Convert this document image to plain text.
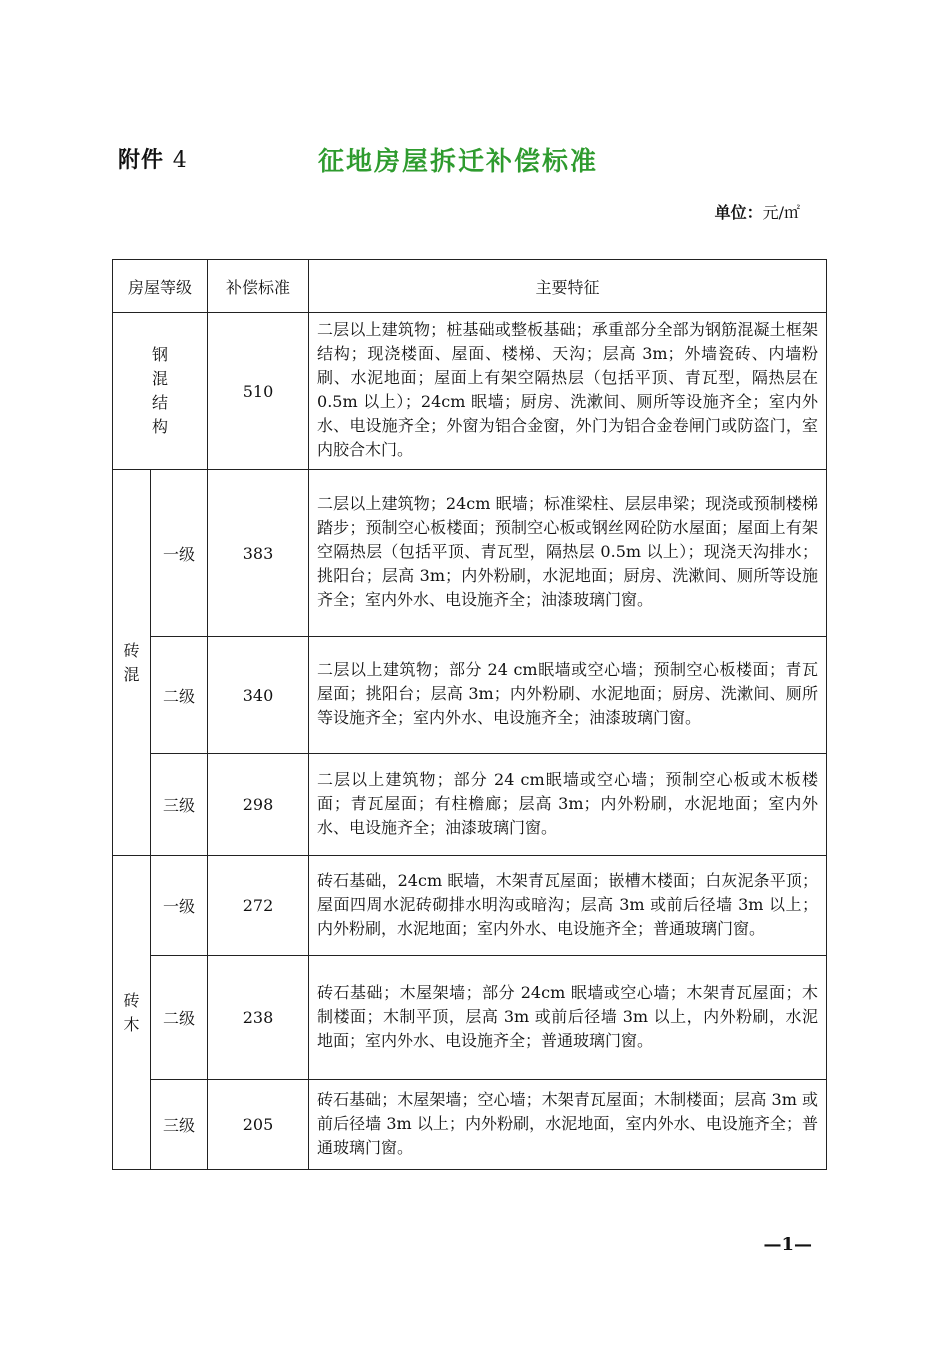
附件 4	征地房屋拆迁补偿标准
单位：元/㎡
房屋等级		补偿标准	主要特征
钢混结构		510	二层以上建筑物；桩基础或整板基础；承重部分全部为钢筋混凝土框架结构；现浇楼面、屋面、楼梯、天沟；层高 3m；外墙瓷砖、内墙粉刷、水泥地面；屋面上有架空隔热层（包括平顶、青瓦型，隔热层在 0.5m 以上）；24cm 眠墙；厨房、洗漱间、厕所等设施齐全；室内外水、电设施齐全；外窗为铝合金窗，外门为铝合金卷闸门或防盗门，室内胶合木门。
砖混	一级	383	二层以上建筑物；24cm 眠墙；标准梁柱、层层串梁；现浇或预制楼梯踏步；预制空心板楼面；预制空心板或钢丝网砼防水屋面；屋面上有架空隔热层（包括平顶、青瓦型，隔热层 0.5m 以上）；现浇天沟排水；挑阳台；层高 3m；内外粉刷，水泥地面；厨房、洗漱间、厕所等设施齐全；室内外水、电设施齐全；油漆玻璃门窗。
	二级	340	二层以上建筑物；部分 24 cm眠墙或空心墙；预制空心板楼面；青瓦屋面；挑阳台；层高 3m；内外粉刷、水泥地面；厨房、洗漱间、厕所等设施齐全；室内外水、电设施齐全；油漆玻璃门窗。
	三级	298	二层以上建筑物；部分 24 cm眠墙或空心墙；预制空心板或木板楼面；青瓦屋面；有柱檐廊；层高 3m；内外粉刷，水泥地面；室内外水、电设施齐全；油漆玻璃门窗。
砖木	一级	272	砖石基础，24cm 眠墙，木架青瓦屋面；嵌槽木楼面；白灰泥条平顶；屋面四周水泥砖砌排水明沟或暗沟；层高 3m 或前后径墙 3m 以上；内外粉刷，水泥地面；室内外水、电设施齐全；普通玻璃门窗。
	二级	238	砖石基础；木屋架墙；部分 24cm 眠墙或空心墙；木架青瓦屋面；木制楼面；木制平顶，层高 3m 或前后径墙 3m 以上，内外粉刷，水泥地面；室内外水、电设施齐全；普通玻璃门窗。
	三级	205	砖石基础；木屋架墙；空心墙；木架青瓦屋面；木制楼面；层高 3m 或前后径墙 3m 以上；内外粉刷，水泥地面，室内外水、电设施齐全；普通玻璃门窗。
—1—
